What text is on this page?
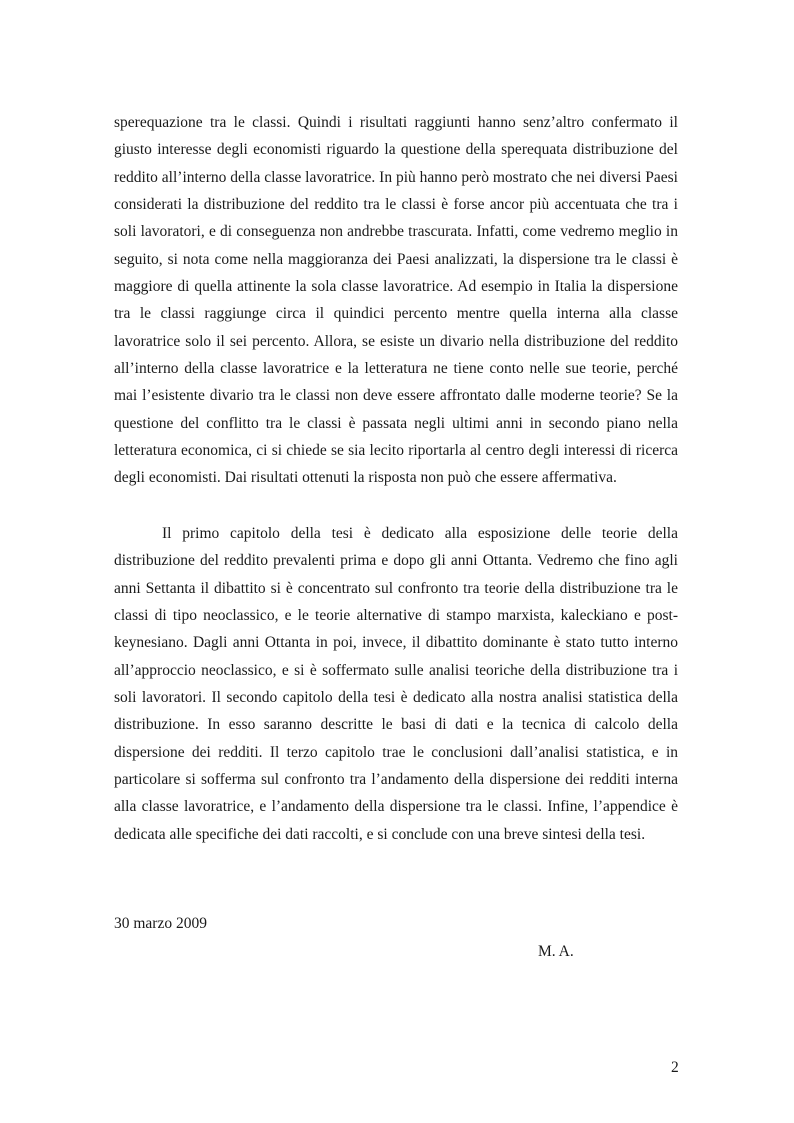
sperequazione tra le classi. Quindi i risultati raggiunti hanno senz’altro confermato il giusto interesse degli economisti riguardo la questione della sperequata distribuzione del reddito all’interno della classe lavoratrice. In più hanno però mostrato che nei diversi Paesi considerati la distribuzione del reddito tra le classi è forse ancor più accentuata che tra i soli lavoratori, e di conseguenza non andrebbe trascurata. Infatti, come vedremo meglio in seguito, si nota come nella maggioranza dei Paesi analizzati, la dispersione tra le classi è maggiore di quella attinente la sola classe lavoratrice. Ad esempio in Italia la dispersione tra le classi raggiunge circa il quindici percento mentre quella interna alla classe lavoratrice solo il sei percento. Allora, se esiste un divario nella distribuzione del reddito all’interno della classe lavoratrice e la letteratura ne tiene conto nelle sue teorie, perché mai l’esistente divario tra le classi non deve essere affrontato dalle moderne teorie? Se la questione del conflitto tra le classi è passata negli ultimi anni in secondo piano nella letteratura economica, ci si chiede se sia lecito riportarla al centro degli interessi di ricerca degli economisti. Dai risultati ottenuti la risposta non può che essere affermativa.

Il primo capitolo della tesi è dedicato alla esposizione delle teorie della distribuzione del reddito prevalenti prima e dopo gli anni Ottanta. Vedremo che fino agli anni Settanta il dibattito si è concentrato sul confronto tra teorie della distribuzione tra le classi di tipo neoclassico, e le teorie alternative di stampo marxista, kaleckiano e post-keynesiano. Dagli anni Ottanta in poi, invece, il dibattito dominante è stato tutto interno all’approccio neoclassico, e si è soffermato sulle analisi teoriche della distribuzione tra i soli lavoratori. Il secondo capitolo della tesi è dedicato alla nostra analisi statistica della distribuzione. In esso saranno descritte le basi di dati e la tecnica di calcolo della dispersione dei redditi. Il terzo capitolo trae le conclusioni dall’analisi statistica, e in particolare si sofferma sul confronto tra l’andamento della dispersione dei redditi interna alla classe lavoratrice, e l’andamento della dispersione tra le classi. Infine, l’appendice è dedicata alle specifiche dei dati raccolti, e si conclude con una breve sintesi della tesi.

30 marzo 2009
M. A.
2
